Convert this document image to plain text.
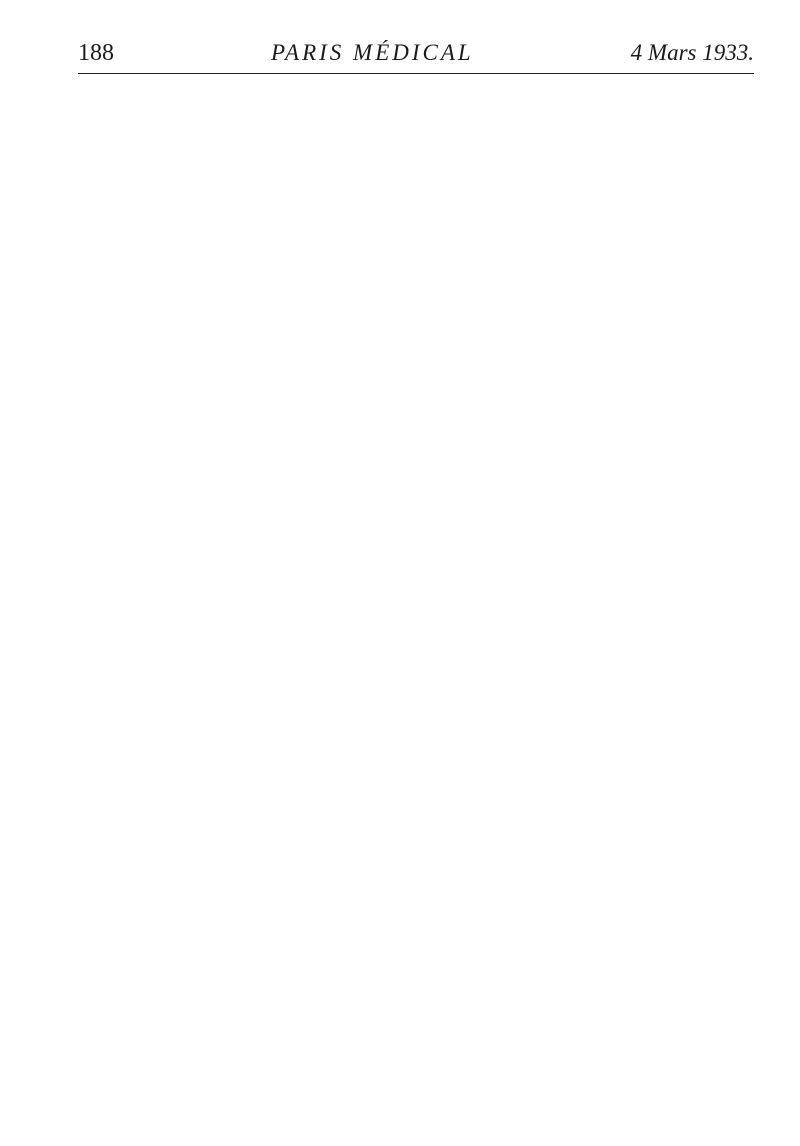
188	PARIS MÉDICAL	4 Mars 1933.
